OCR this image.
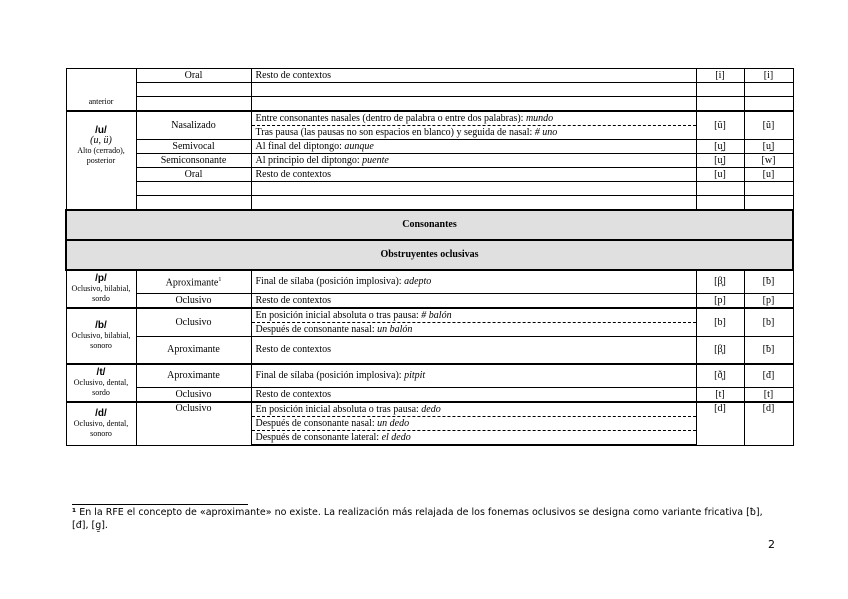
anterior	Oral	Resto de contextos	[i]	[i]

/u/
(u, ü)
Alto (cerrado), posterior	Nasalizado	Entre consonantes nasales (dentro de palabra o entre dos palabras): mundo	[ũ]	[ũ]
		Tras pausa (las pausas no son espacios en blanco) y seguida de nasal: # uno		
	Semivocal	Al final del diptongo: aunque	[u̯]	[u̯]
	Semiconsonante	Al principio del diptongo: puente	[u̯]	[w]
	Oral	Resto de contextos	[u]	[u]

Consonantes				
Obstruyentes oclusivas				

/p/
Oclusivo, bilabial, sordo	Aproximante$^1$	Final de sílaba (posición implosiva): adepto	[β̞]	[ƀ]
	Oclusivo	Resto de contextos	[p]	[p]

/b/
Oclusivo, bilabial, sonoro	Oclusivo	En posición inicial absoluta o tras pausa: # balón	[b]	[b]
		Después de consonante nasal: un balón		
	Aproximante	Resto de contextos	[β̞]	[ƀ]

/t/
Oclusivo, dental, sordo	Aproximante	Final de sílaba (posición implosiva): pitpit	[ð̞]	[đ]
	Oclusivo	Resto de contextos	[t]	[t]

/d/
Oclusivo, dental, sonoro	Oclusivo	En posición inicial absoluta o tras pausa: dedo	[d]	[d]
		Después de consonante nasal: un dedo		
		Después de consonante lateral: el dedo		
¹ En la RFE el concepto de «aproximante» no existe. La realización más relajada de los fonemas oclusivos se designa como variante fricativa [ƀ], [đ], [g̱].
2
